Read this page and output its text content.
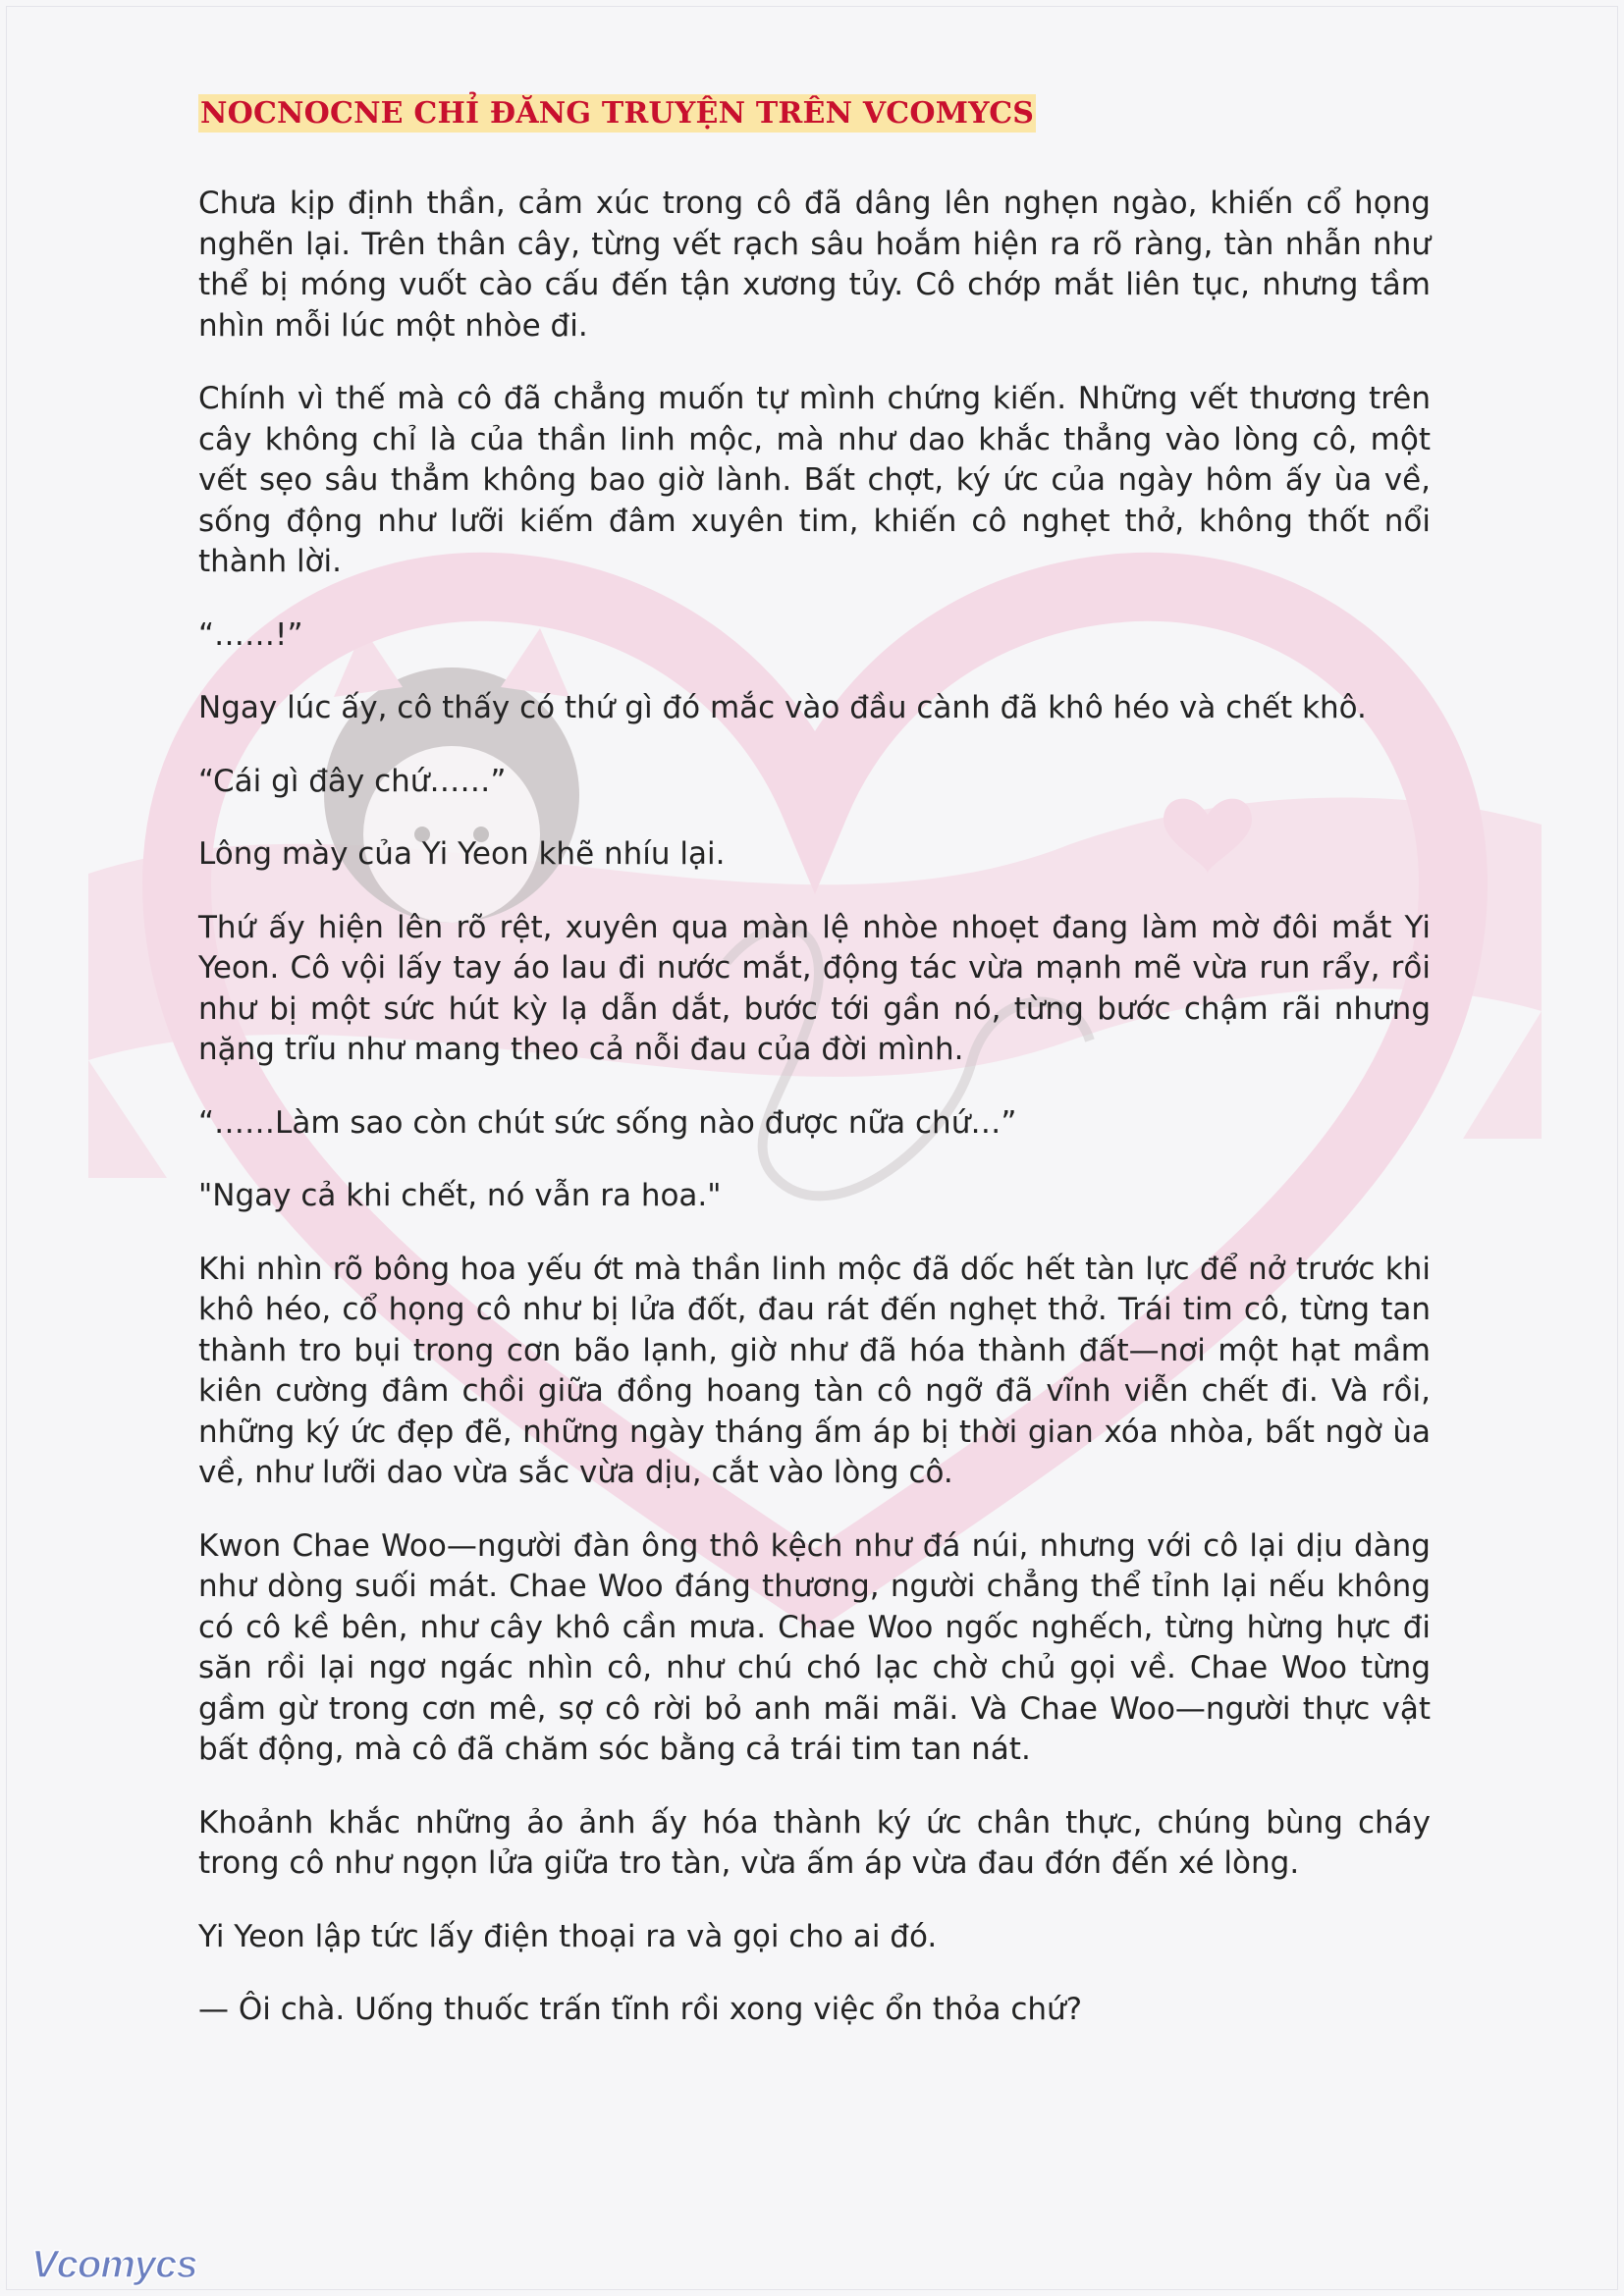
NOCNOCNE CHỈ ĐĂNG TRUYỆN TRÊN VCOMYCS

Chưa kịp định thần, cảm xúc trong cô đã dâng lên nghẹn ngào, khiến cổ họng nghẽn lại. Trên thân cây, từng vết rạch sâu hoắm hiện ra rõ ràng, tàn nhẫn như thể bị móng vuốt cào cấu đến tận xương tủy. Cô chớp mắt liên tục, nhưng tầm nhìn mỗi lúc một nhòe đi.

Chính vì thế mà cô đã chẳng muốn tự mình chứng kiến. Những vết thương trên cây không chỉ là của thần linh mộc, mà như dao khắc thẳng vào lòng cô, một vết sẹo sâu thẳm không bao giờ lành. Bất chợt, ký ức của ngày hôm ấy ùa về, sống động như lưỡi kiếm đâm xuyên tim, khiến cô nghẹt thở, không thốt nổi thành lời.

“……!”

Ngay lúc ấy, cô thấy có thứ gì đó mắc vào đầu cành đã khô héo và chết khô.

“Cái gì đây chứ……”

Lông mày của Yi Yeon khẽ nhíu lại.

Thứ ấy hiện lên rõ rệt, xuyên qua màn lệ nhòe nhoẹt đang làm mờ đôi mắt Yi Yeon. Cô vội lấy tay áo lau đi nước mắt, động tác vừa mạnh mẽ vừa run rẩy, rồi như bị một sức hút kỳ lạ dẫn dắt, bước tới gần nó, từng bước chậm rãi nhưng nặng trĩu như mang theo cả nỗi đau của đời mình.

“……Làm sao còn chút sức sống nào được nữa chứ…”

"Ngay cả khi chết, nó vẫn ra hoa."

Khi nhìn rõ bông hoa yếu ớt mà thần linh mộc đã dốc hết tàn lực để nở trước khi khô héo, cổ họng cô như bị lửa đốt, đau rát đến nghẹt thở. Trái tim cô, từng tan thành tro bụi trong cơn bão lạnh, giờ như đã hóa thành đất—nơi một hạt mầm kiên cường đâm chồi giữa đồng hoang tàn cô ngỡ đã vĩnh viễn chết đi. Và rồi, những ký ức đẹp đẽ, những ngày tháng ấm áp bị thời gian xóa nhòa, bất ngờ ùa về, như lưỡi dao vừa sắc vừa dịu, cắt vào lòng cô.

Kwon Chae Woo—người đàn ông thô kệch như đá núi, nhưng với cô lại dịu dàng như dòng suối mát. Chae Woo đáng thương, người chẳng thể tỉnh lại nếu không có cô kề bên, như cây khô cần mưa. Chae Woo ngốc nghếch, từng hừng hực đi săn rồi lại ngơ ngác nhìn cô, như chú chó lạc chờ chủ gọi về. Chae Woo từng gầm gừ trong cơn mê, sợ cô rời bỏ anh mãi mãi. Và Chae Woo—người thực vật bất động, mà cô đã chăm sóc bằng cả trái tim tan nát.

Khoảnh khắc những ảo ảnh ấy hóa thành ký ức chân thực, chúng bùng cháy trong cô như ngọn lửa giữa tro tàn, vừa ấm áp vừa đau đớn đến xé lòng.

Yi Yeon lập tức lấy điện thoại ra và gọi cho ai đó.

— Ôi chà. Uống thuốc trấn tĩnh rồi xong việc ổn thỏa chứ?

Vcomycs
